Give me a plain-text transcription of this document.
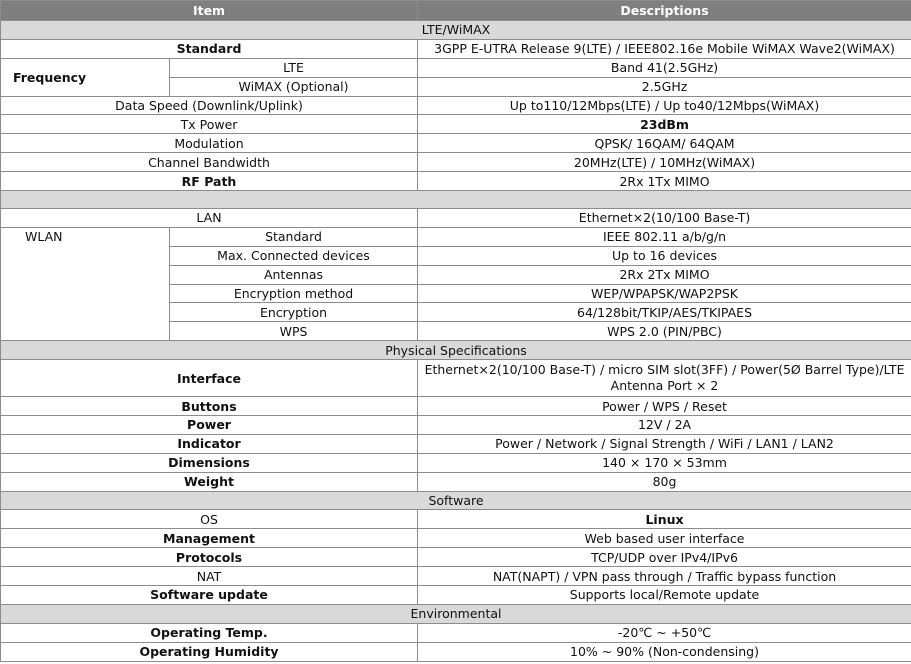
Item		Descriptions
LTE/WiMAX		
Standard		3GPP E-UTRA Release 9(LTE) / IEEE802.16e Mobile WiMAX Wave2(WiMAX)
Frequency	LTE	Band 41(2.5GHz)
	WiMAX (Optional)	2.5GHz
Data Speed (Downlink/Uplink)		Up to110/12Mbps(LTE) / Up to40/12Mbps(WiMAX)
Tx Power		23dBm
Modulation		QPSK/ 16QAM/ 64QAM
Channel Bandwidth		20MHz(LTE) / 10MHz(WiMAX)
RF Path		2Rx 1Tx MIMO

LAN		Ethernet×2(10/100 Base-T)
WLAN	Standard	IEEE 802.11 a/b/g/n
	Max. Connected devices	Up to 16 devices
	Antennas	2Rx 2Tx MIMO
	Encryption method	WEP/WPAPSK/WAP2PSK
	Encryption	64/128bit/TKIP/AES/TKIPAES
	WPS	WPS 2.0 (PIN/PBC)
Physical Specifications		
Interface		Ethernet×2(10/100 Base-T) / micro SIM slot(3FF) / Power(5Ø Barrel Type)/LTE Antenna Port × 2
Buttons		Power / WPS / Reset
Power		12V / 2A
Indicator		Power / Network / Signal Strength / WiFi / LAN1 / LAN2
Dimensions		140 × 170 × 53mm
Weight		80g
Software		
OS		Linux
Management		Web based user interface
Protocols		TCP/UDP over IPv4/IPv6
NAT		NAT(NAPT) / VPN pass through / Traffic bypass function
Software update		Supports local/Remote update
Environmental		
Operating Temp.		-20℃ ~ +50℃
Operating Humidity		10% ~ 90% (Non-condensing)
